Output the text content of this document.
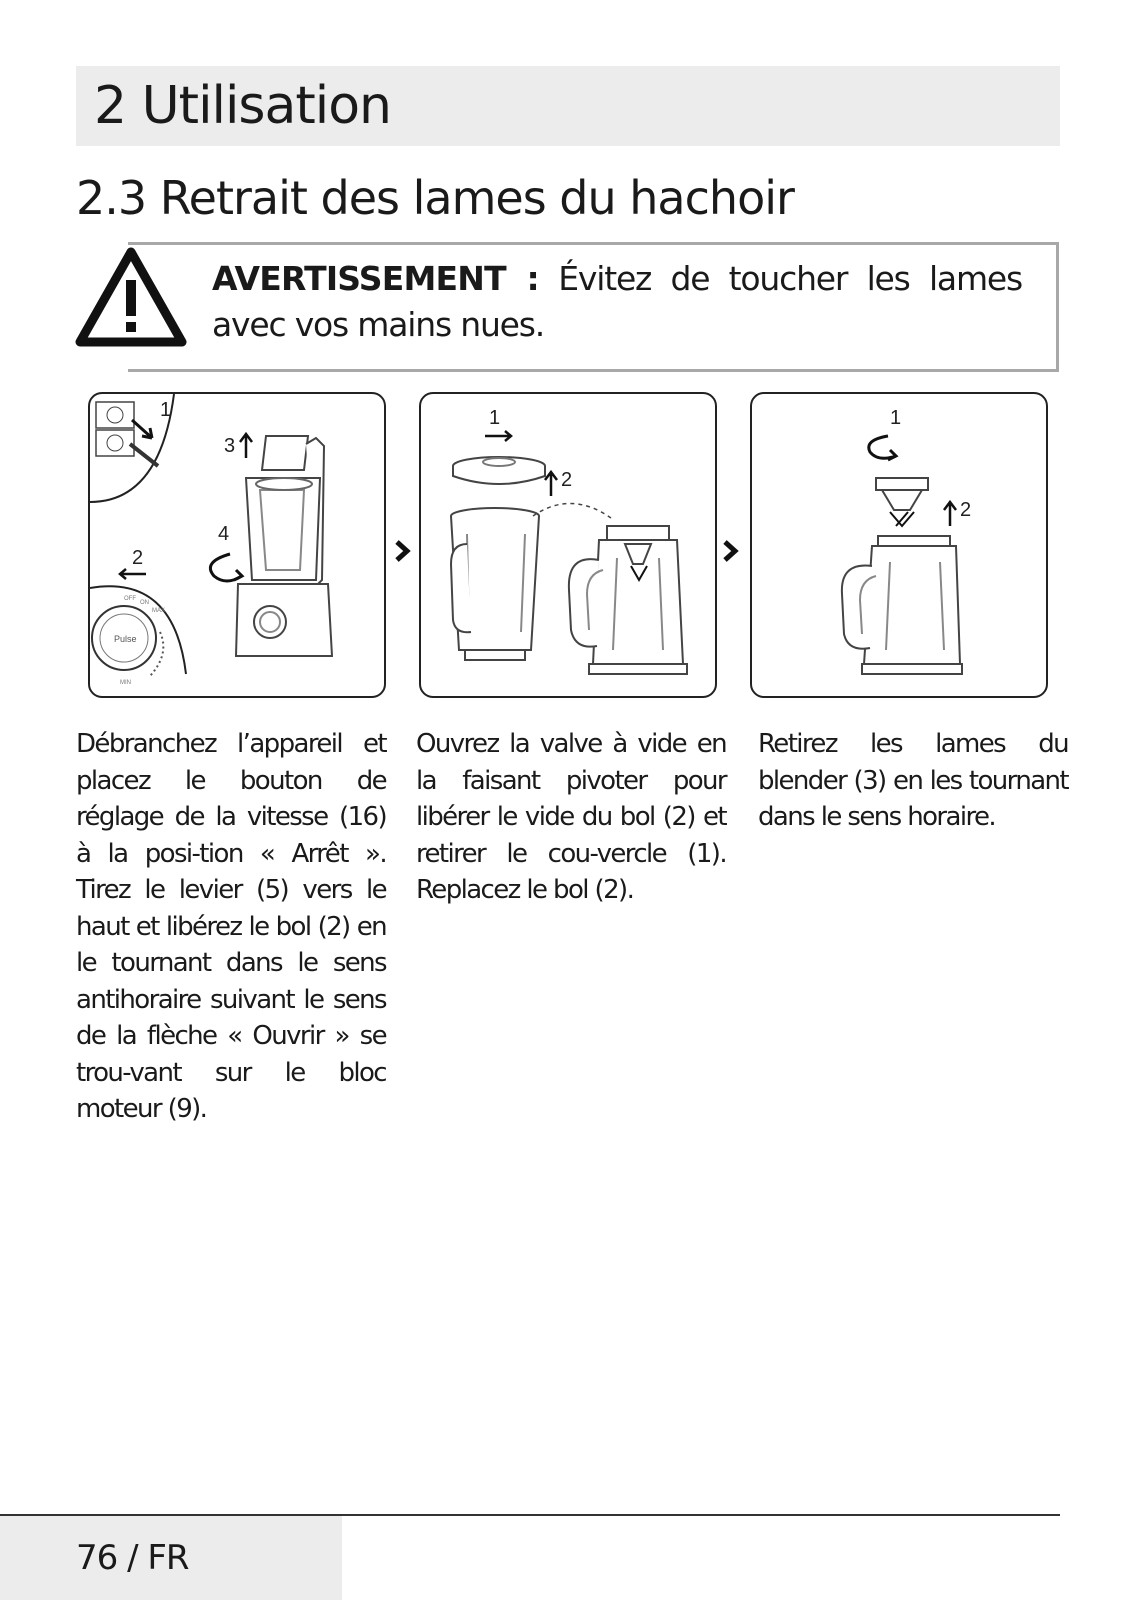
2 Utilisation
2.3 Retrait des lames du hachoir
AVERTISSEMENT : Évitez de toucher les lames avec vos mains nues.
1
3
4
2
Pulse
OFF
ON
MAX
MIN
1
2
1
2

Débranchez l’appareil et placez le bouton de réglage de la vitesse (16) à la posi-tion « Arrêt ». Tirez le levier (5) vers le haut et libérez le bol (2) en le tournant dans le sens antihoraire suivant le sens de la flèche « Ouvrir » se trou-vant sur le bloc moteur (9).

Ouvrez la valve à vide en la faisant pivoter pour libérer le vide du bol (2) et retirer le cou-vercle (1). Replacez le bol (2).

Retirez les lames du blender (3) en les tournant dans le sens horaire.

76 / FR
